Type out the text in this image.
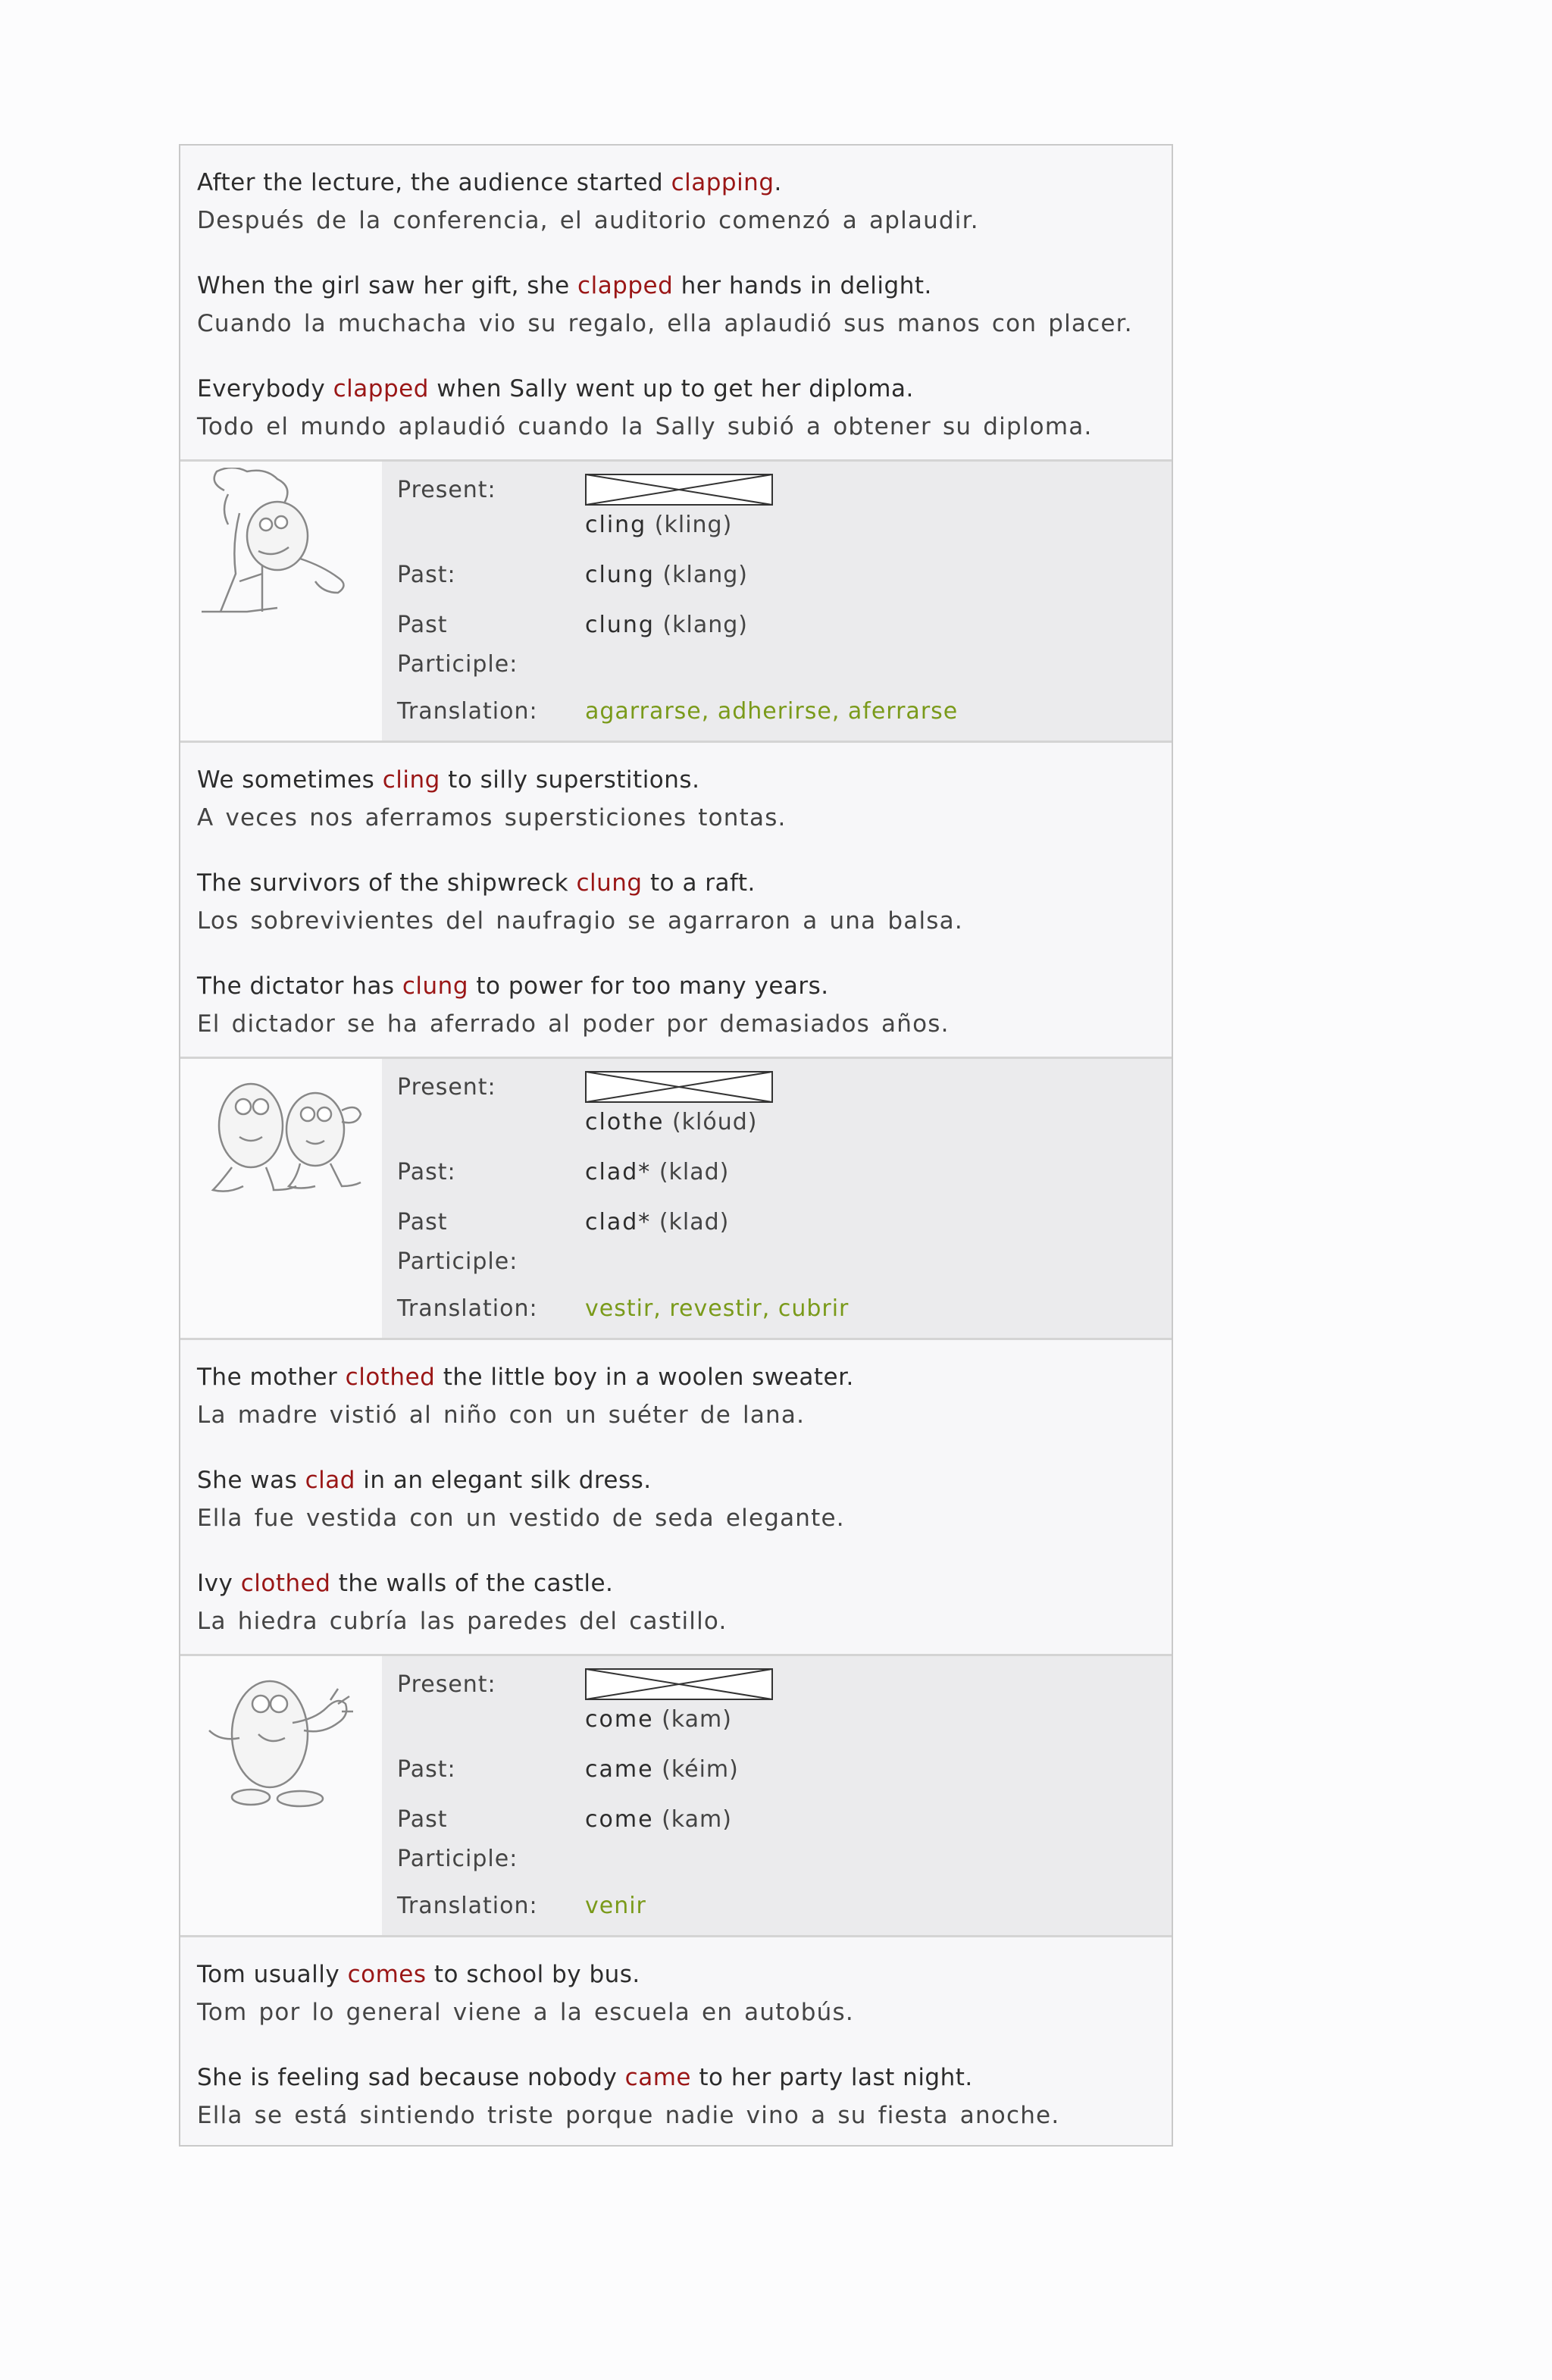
After the lecture, the audience started clapping.
Después de la conferencia, el auditorio comenzó a aplaudir.
When the girl saw her gift, she clapped her hands in delight.
Cuando la muchacha vio su regalo, ella aplaudió sus manos con placer.
Everybody clapped when Sally went up to get her diploma.
Todo el mundo aplaudió cuando la Sally subió a obtener su diploma.
Present:
cling (kling)
Past:	clung (klang)
Past
Participle:
clung (klang)
Translation:	agarrarse, adherirse, aferrarse
We sometimes cling to silly superstitions.
A veces nos aferramos supersticiones tontas.
The survivors of the shipwreck clung to a raft.
Los sobrevivientes del naufragio se agarraron a una balsa.
The dictator has clung to power for too many years.
El dictador se ha aferrado al poder por demasiados años.
Present:
clothe (klóud)
Past:	clad* (klad)
Past
Participle:
clad* (klad)
Translation:	vestir, revestir, cubrir
The mother clothed the little boy in a woolen sweater.
La madre vistió al niño con un suéter de lana.
She was clad in an elegant silk dress.
Ella fue vestida con un vestido de seda elegante.
Ivy clothed the walls of the castle.
La hiedra cubría las paredes del castillo.
Present:
come (kam)
Past:	came (kéim)
Past
Participle:
come (kam)
Translation:	venir
Tom usually comes to school by bus.
Tom por lo general viene a la escuela en autobús.
She is feeling sad because nobody came to her party last night.
Ella se está sintiendo triste porque nadie vino a su fiesta anoche.
